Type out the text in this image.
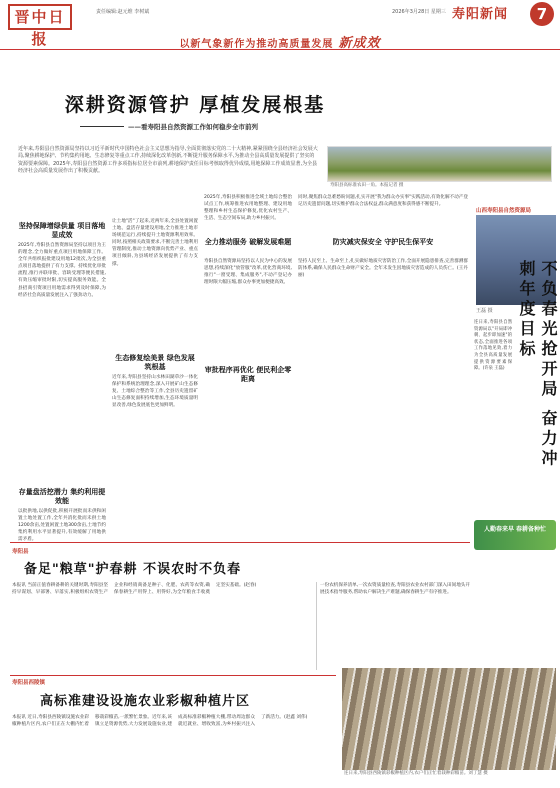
晋中日报
责任编辑:赵元维 李树斌	2026年3月28日 星期三 寿阳新闻	7
以新气象新作为推动高质量发展 新成效
深耕资源管护 厚植发展根基
——看寿阳县自然资源工作如何稳步全市前列
近年来,寿阳县自然资源局坚持以习近平新时代中国特色社会主义思想为指导,全面贯彻落实党的二十大精神,紧紧围绕全县经济社会发展大局,聚焦耕地保护、节约集约用地、生态修复等重点工作,持续深化改革创新,不断提升服务保障水平,为推动全县高质量发展提供了坚实的资源要素保障。2025年,寿阳县自然资源工作多项指标位居全市前列,耕地保护责任目标考核取得优异成绩,用地保障工作成效显著,为全县经济社会高质量发展作出了积极贡献。
寿阳县高标准农田一角。本报记者 摄
坚持保障增绿供量 项目落地显成效
2025年,寿阳县自然资源局坚持以项目为王的理念,全力做好重点项目用地保障工作。全年共组织报批建设用地12批次,为全县重点项目落地提供了有力支撑。持续优化审批流程,推行并联审批、容缺受理等便民措施,有效压缩审批时限,切实提高服务效能。全县招商引资项目用地需求得到及时保障,为经济社会高质量发展注入了强劲动力。
存量盘活挖潜力 集约利用提效能
以批供地,以供促批,积极开展批而未供和闲置土地处置工作,全年共消化批而未供土地1200余亩,处置闲置土地300余亩,土地节约集约利用水平显著提升,有效缓解了用地供需矛盾。
让土地"活"了起来,近两年来,全县处置闲置土地、盘活存量建设用地,全力推进土地市场规范运行,持续提升土地资源利用效率。同时,按照相关政策要求,不断完善土地利用管理制度,推动土地资源向优势产业、重点项目倾斜,为县域经济发展提供了有力支撑。
生态修复绘美景 绿色发展筑根基
近年来,寿阳县坚持山水林田湖草沙一体化保护和系统治理理念,深入开展矿山生态修复、土地综合整治等工作,全县历史遗留矿山生态修复面积持续增加,生态环境质量明显改善,绿色发展底色更加鲜明。
2025年,寿阳县积极推进全域土地综合整治试点工作,统筹推进农用地整理、建设用地整理和乡村生态保护修复,优化农村生产、生活、生态空间布局,助力乡村振兴。
全力推动服务 破解发展难题
寿阳县自然资源局坚持以人民为中心的发展思想,持续深化"放管服"改革,优化营商环境,推行"一窗受理、集成服务",不动产登记办理时限大幅压缩,群众办事更加便捷高效。
审批程序再优化 便民利企零距离
同时,聚焦群众急难愁盼问题,扎实开展"我为群众办实事"实践活动,有效化解不动产登记历史遗留问题,切实维护群众合法权益,群众满意度和获得感不断提升。
防灾减灾保安全 守护民生保平安
坚持人民至上、生命至上,扎实做好地质灾害防治工作,全面开展隐患排查,完善群测群防体系,确保人民群众生命财产安全。全年未发生因地质灾害造成的人员伤亡。(王丹丽)
王磊 摄
山西寿阳县自然资源局
不负春光抢开局 奋力冲刺年度目标
连日来,寿阳县自然资源局以"开局即冲刺、起步即加速"的状态,全面推进各项工作落地见效,着力为全县高质量发展提供资源要素保障。(许泉 王磊)
人勤春来早 春耕备种忙
寿阳县
备足"粮草"护春耕 不误农时不负春
本报讯 当前正值春耕备耕的关键时期,寿阳县坚持早谋划、早部署、早落实,积极组织农资生产企业和经销商备足种子、化肥、农药等农资,确保春耕生产用得上、用得好,为全年粮食丰收奠定坚实基础。(赵春)	一份农机保养清单,一次农资质量检查,寿阳县农业农村部门深入田间地头开展技术指导服务,帮助农户解决生产难题,确保春耕生产有序推进。
寿阳县西陵镇
高标准建设设施农业彩椒种植片区
本报讯 近日,寿阳县西陵镇设施农业彩椒种植片区内,农户们正在大棚内忙着移栽彩椒苗,一派繁忙景象。近年来,该镇立足资源优势,大力发展设施农业,建成高标准彩椒种植大棚,带动周边群众就近就业、增收致富,为乡村振兴注入了新活力。(赵鑫 刘伟)
连日来,寿阳县西陵镇彩椒种植区内,农户们正忙着栽种彩椒苗。刘丁慧 摄
